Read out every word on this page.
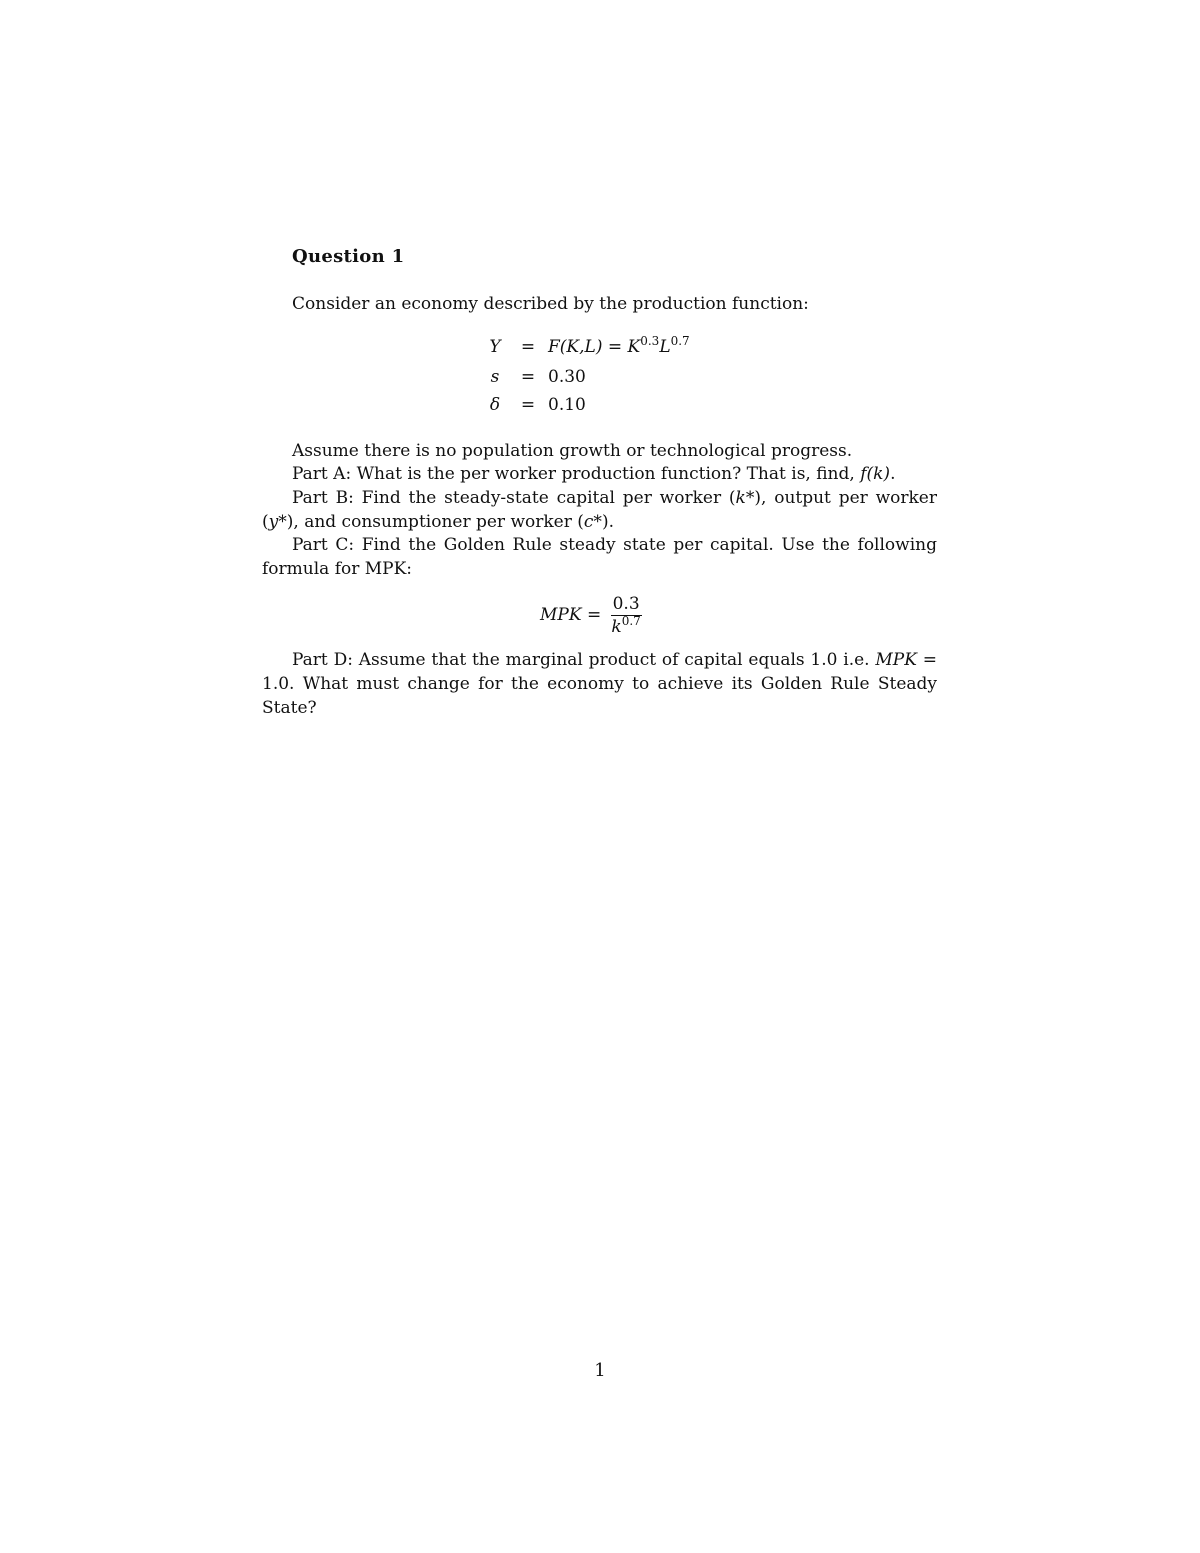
Question 1
Consider an economy described by the production function:
Y	= $F(K,L) = K^{0.3}L^{0.7}$
s	= 0.30
δ	= 0.10
Assume there is no population growth or technological progress.
Part A: What is the per worker production function? That is, find, f(k).
Part B: Find the steady-state capital per worker (k*), output per worker (y*), and consumptioner per worker (c*).
Part C: Find the Golden Rule steady state per capital. Use the following formula for MPK:
MPK = $\frac{0.3}{k^{0.7}}$
Part D: Assume that the marginal product of capital equals 1.0 i.e. MPK = 1.0. What must change for the economy to achieve its Golden Rule Steady State?
1
